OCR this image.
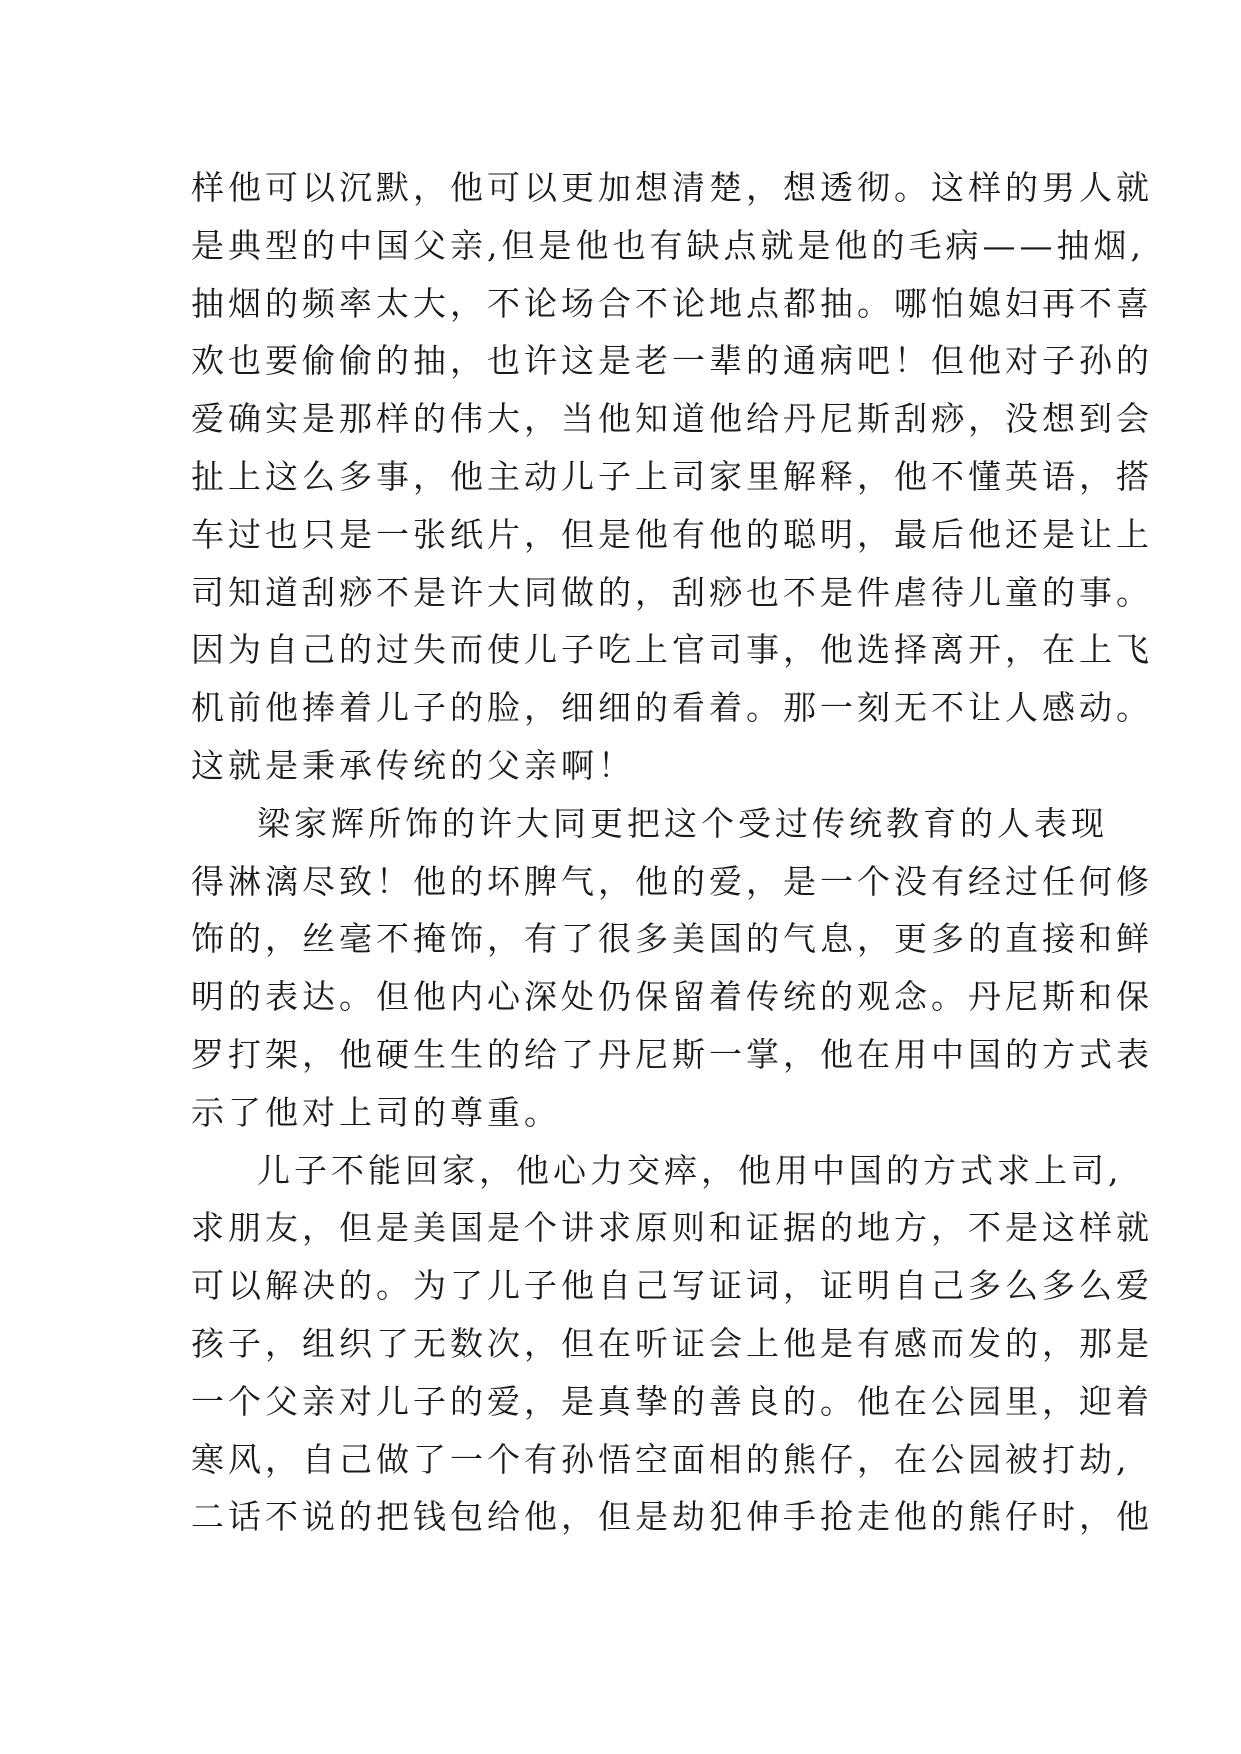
样他可以沉默，他可以更加想清楚，想透彻。这样的男人就
是典型的中国父亲,但是他也有缺点就是他的毛病——抽烟,
抽烟的频率太大，不论场合不论地点都抽。哪怕媳妇再不喜
欢也要偷偷的抽，也许这是老一辈的通病吧！但他对子孙的
爱确实是那样的伟大，当他知道他给丹尼斯刮痧，没想到会
扯上这么多事，他主动儿子上司家里解释，他不懂英语，搭
车过也只是一张纸片，但是他有他的聪明，最后他还是让上
司知道刮痧不是许大同做的，刮痧也不是件虐待儿童的事。
因为自己的过失而使儿子吃上官司事，他选择离开，在上飞
机前他捧着儿子的脸，细细的看着。那一刻无不让人感动。
这就是秉承传统的父亲啊！
梁家辉所饰的许大同更把这个受过传统教育的人表现
得淋漓尽致！他的坏脾气，他的爱，是一个没有经过任何修
饰的，丝毫不掩饰，有了很多美国的气息，更多的直接和鲜
明的表达。但他内心深处仍保留着传统的观念。丹尼斯和保
罗打架，他硬生生的给了丹尼斯一掌，他在用中国的方式表
示了他对上司的尊重。
儿子不能回家，他心力交瘁，他用中国的方式求上司,
求朋友，但是美国是个讲求原则和证据的地方，不是这样就
可以解决的。为了儿子他自己写证词，证明自己多么多么爱
孩子，组织了无数次，但在听证会上他是有感而发的，那是
一个父亲对儿子的爱，是真挚的善良的。他在公园里，迎着
寒风，自己做了一个有孙悟空面相的熊仔，在公园被打劫,
二话不说的把钱包给他，但是劫犯伸手抢走他的熊仔时，他
